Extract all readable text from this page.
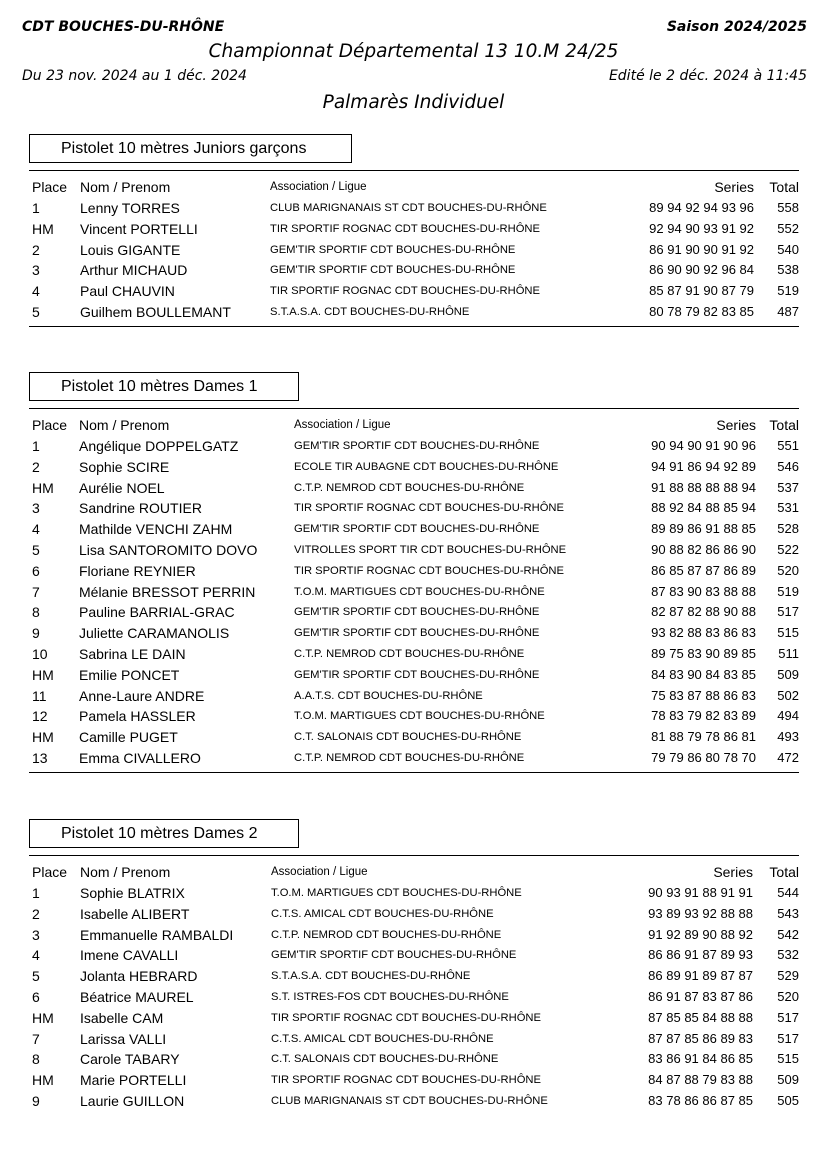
CDT BOUCHES-DU-RHÔNE	Saison 2024/2025
Championnat Départemental 13 10.M 24/25
Du 23 nov. 2024 au 1 déc. 2024	Edité le 2 déc. 2024 à 11:45
Palmarès Individuel
Pistolet 10 mètres Juniors garçons
Place Nom / Prenom	Association / Ligue	Series Total
1	Lenny TORRES	CLUB MARIGNANAIS ST CDT BOUCHES-DU-RHÔNE	89 94 92 94 93 96 558
HM Vincent PORTELLI	TIR SPORTIF ROGNAC CDT BOUCHES-DU-RHÔNE	92 94 90 93 91 92 552
2	Louis GIGANTE	GEM'TIR SPORTIF CDT BOUCHES-DU-RHÔNE	86 91 90 90 91 92 540
3	Arthur MICHAUD	GEM'TIR SPORTIF CDT BOUCHES-DU-RHÔNE	86 90 90 92 96 84 538
4	Paul CHAUVIN	TIR SPORTIF ROGNAC CDT BOUCHES-DU-RHÔNE	85 87 91 90 87 79 519
5	Guilhem BOULLEMANT	S.T.A.S.A. CDT BOUCHES-DU-RHÔNE	80 78 79 82 83 85 487
Pistolet 10 mètres Dames 1
Place Nom / Prenom	Association / Ligue	Series Total
1	Angélique DOPPELGATZ	GEM'TIR SPORTIF CDT BOUCHES-DU-RHÔNE	90 94 90 91 90 96 551
2	Sophie SCIRE	ECOLE TIR AUBAGNE CDT BOUCHES-DU-RHÔNE	94 91 86 94 92 89 546
HM Aurélie NOEL	C.T.P. NEMROD CDT BOUCHES-DU-RHÔNE	91 88 88 88 88 94 537
3	Sandrine ROUTIER	TIR SPORTIF ROGNAC CDT BOUCHES-DU-RHÔNE	88 92 84 88 85 94 531
4	Mathilde VENCHI ZAHM	GEM'TIR SPORTIF CDT BOUCHES-DU-RHÔNE	89 89 86 91 88 85 528
5	Lisa SANTOROMITO DOVO	VITROLLES SPORT TIR CDT BOUCHES-DU-RHÔNE	90 88 82 86 86 90 522
6	Floriane REYNIER	TIR SPORTIF ROGNAC CDT BOUCHES-DU-RHÔNE	86 85 87 87 86 89 520
7	Mélanie BRESSOT PERRIN	T.O.M. MARTIGUES CDT BOUCHES-DU-RHÔNE	87 83 90 83 88 88 519
8	Pauline BARRIAL-GRAC	GEM'TIR SPORTIF CDT BOUCHES-DU-RHÔNE	82 87 82 88 90 88 517
9	Juliette CARAMANOLIS	GEM'TIR SPORTIF CDT BOUCHES-DU-RHÔNE	93 82 88 83 86 83 515
10 Sabrina LE DAIN	C.T.P. NEMROD CDT BOUCHES-DU-RHÔNE	89 75 83 90 89 85 511
HM Emilie PONCET	GEM'TIR SPORTIF CDT BOUCHES-DU-RHÔNE	84 83 90 84 83 85 509
11 Anne-Laure ANDRE	A.A.T.S. CDT BOUCHES-DU-RHÔNE	75 83 87 88 86 83 502
12 Pamela HASSLER	T.O.M. MARTIGUES CDT BOUCHES-DU-RHÔNE	78 83 79 82 83 89 494
HM Camille PUGET	C.T. SALONAIS CDT BOUCHES-DU-RHÔNE	81 88 79 78 86 81 493
13 Emma CIVALLERO	C.T.P. NEMROD CDT BOUCHES-DU-RHÔNE	79 79 86 80 78 70 472
Pistolet 10 mètres Dames 2
Place Nom / Prenom	Association / Ligue	Series Total
1	Sophie BLATRIX	T.O.M. MARTIGUES CDT BOUCHES-DU-RHÔNE	90 93 91 88 91 91 544
2	Isabelle ALIBERT	C.T.S. AMICAL CDT BOUCHES-DU-RHÔNE	93 89 93 92 88 88 543
3	Emmanuelle RAMBALDI	C.T.P. NEMROD CDT BOUCHES-DU-RHÔNE	91 92 89 90 88 92 542
4	Imene CAVALLI	GEM'TIR SPORTIF CDT BOUCHES-DU-RHÔNE	86 86 91 87 89 93 532
5	Jolanta HEBRARD	S.T.A.S.A. CDT BOUCHES-DU-RHÔNE	86 89 91 89 87 87 529
6	Béatrice MAUREL	S.T. ISTRES-FOS CDT BOUCHES-DU-RHÔNE	86 91 87 83 87 86 520
HM Isabelle CAM	TIR SPORTIF ROGNAC CDT BOUCHES-DU-RHÔNE	87 85 85 84 88 88 517
7	Larissa VALLI	C.T.S. AMICAL CDT BOUCHES-DU-RHÔNE	87 87 85 86 89 83 517
8	Carole TABARY	C.T. SALONAIS CDT BOUCHES-DU-RHÔNE	83 86 91 84 86 85 515
HM Marie PORTELLI	TIR SPORTIF ROGNAC CDT BOUCHES-DU-RHÔNE	84 87 88 79 83 88 509
9	Laurie GUILLON	CLUB MARIGNANAIS ST CDT BOUCHES-DU-RHÔNE	83 78 86 86 87 85 505
